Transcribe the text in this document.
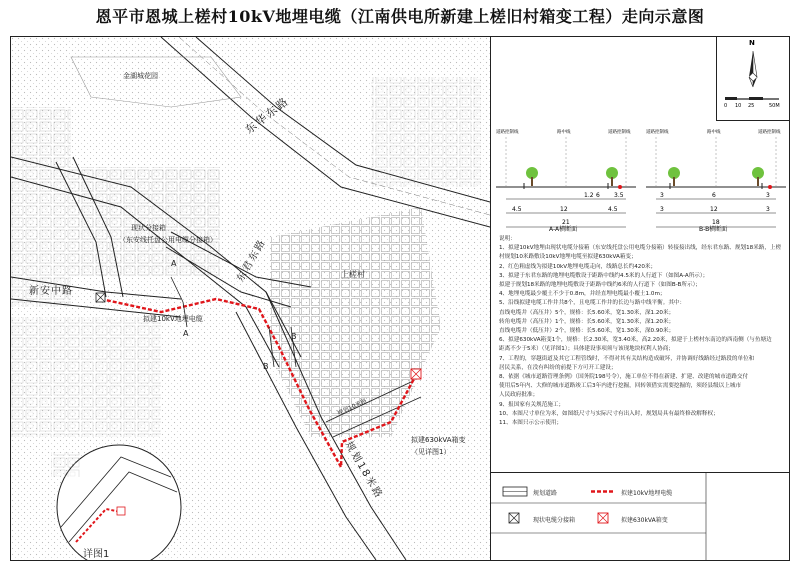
恩平市恩城上槎村10kV地埋电缆（江南供电所新建上槎旧村箱变工程）走向示意图
金湖城花园
东华东路
东君东路
新安中路
上槎村
规划18米路
规划10米路
现状分接箱
（东安线托盘公用电缆分接箱）
拟建10kV地埋电缆
拟建630kVA箱变
（见详图1）
详图1
A
A
B
B
N
0 10 25	50M
道路控制线	路中线	道路控制线
1.2 6 3.5
4.5	12	4.5
21
A-A横断面
道路控制线	路中线	道路控制线
3	6	3
3	12	3
18
B-B横断面
说明：
1、拟建10kV地埋由现状电缆分接箱（东安线托盘公用电缆分接箱）转接接出线，经东君东路、规划18米路，上槎
村规划10米路敷设10kV地埋电缆至拟建630kVA箱变；
2、红色粗虚线为拟建10kV地埋电缆走向，线路总长约420米；
3、拟建于东君东路的地埋电缆敷设于距路中线约4.5米的人行道下（如图A-A所示）；
拟建于规划18米路的地埋电缆敷设于距路中线约6米的人行道下（如图B-B所示）；
4、地埋电缆最少覆土不少于0.8m，并经直埋电缆最小覆土1.0m；
5、沿线拟建电缆工作井共8个，且电缆工作井的长边与路中线平衡。其中：
直线电缆井（高压井）5个，规格：长5.60米，宽1.30米，深1.20米；
转角电缆井（高压井）1个，规格：长5.60米，宽1.30米，深1.20米；
直线电缆井（低压井）2个，规格：长5.60米，宽1.30米，深0.90米；
6、拟建630kVA箱变1个，规格：长2.30米，宽3.40米，高2.20米，拟建于上槎村东南边的西南侧（与鱼塘边
距离不少于5米）（见详图1）；具体建设事项须与该现地块权利人协商；
7、工程的，穿越街道及其它工程管线时，不得对其有关结构造成破坏，并协调好线路经过路段的单位和
居民关系，在没有纠纷的前提下方可开工建设；
8、依据《城市道路管理条例》（国务院198号令），施工单位不得在新建、扩建、改建的城市道路交付
使用后5年内、大修的城市道路竣工后3年内进行挖掘，回转领借实需要挖掘的，须经县级以上城市
人民政府批准；
9、报国家有关规范施工；
10、本图尺寸单位为米，如图纸尺寸与实际尺寸有出入时，规划局具有最终修改解释权；
11、本图只示公示使用；
规划道路	拟建10kV地埋电缆
现状电缆分接箱	拟建630kVA箱变
